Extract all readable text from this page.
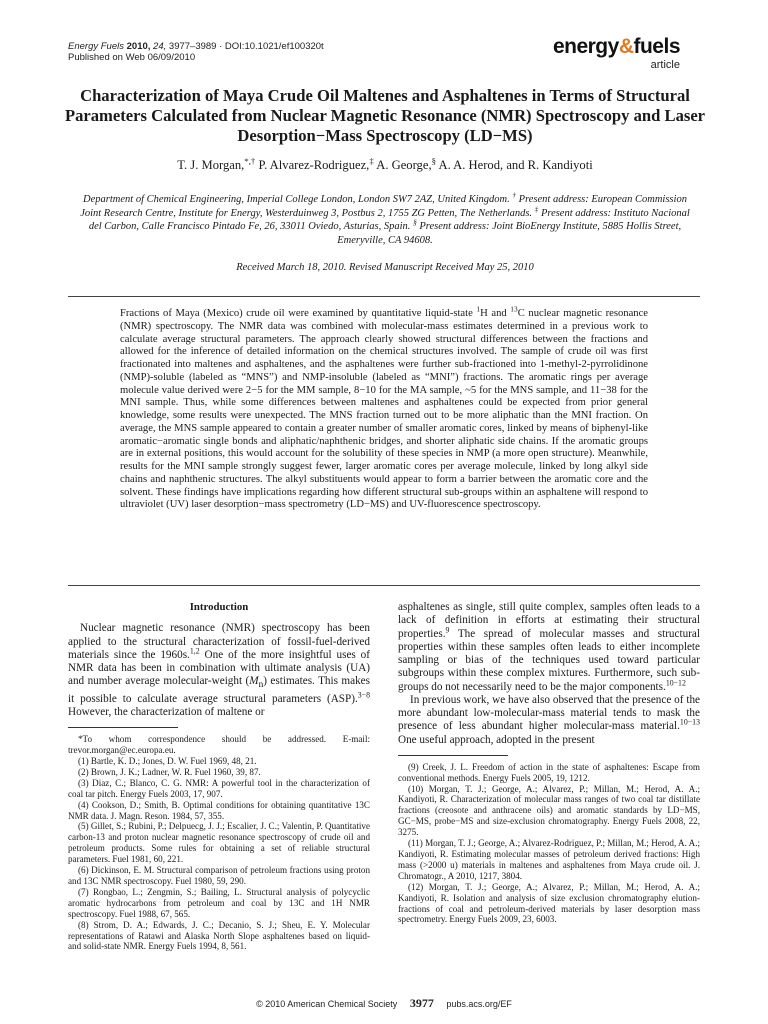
Energy Fuels 2010, 24, 3977–3989 · DOI:10.1021/ef100320t
Published on Web 06/09/2010	energy&fuels
article
Characterization of Maya Crude Oil Maltenes and Asphaltenes in Terms of Structural Parameters Calculated from Nuclear Magnetic Resonance (NMR) Spectroscopy and Laser Desorption−Mass Spectroscopy (LD−MS)
T. J. Morgan,*,† P. Alvarez-Rodriguez,‡ A. George,§ A. A. Herod, and R. Kandiyoti
Department of Chemical Engineering, Imperial College London, London SW7 2AZ, United Kingdom. † Present address: European Commission Joint Research Centre, Institute for Energy, Westerduinweg 3, Postbus 2, 1755 ZG Petten, The Netherlands. ‡ Present address: Instituto Nacional del Carbon, Calle Francisco Pintado Fe, 26, 33011 Oviedo, Asturias, Spain. § Present address: Joint BioEnergy Institute, 5885 Hollis Street, Emeryville, CA 94608.
Received March 18, 2010. Revised Manuscript Received May 25, 2010
Fractions of Maya (Mexico) crude oil were examined by quantitative liquid-state $^1$H and $^{13}$C nuclear magnetic resonance (NMR) spectroscopy. The NMR data was combined with molecular-mass estimates determined in a previous work to calculate average structural parameters. The approach clearly showed structural differences between the fractions and allowed for the inference of detailed information on the chemical structures involved. The sample of crude oil was first fractionated into maltenes and asphaltenes, and the asphaltenes were further sub-fractioned into 1-methyl-2-pyrrolidinone (NMP)-soluble (labeled as “MNS”) and NMP-insoluble (labeled as “MNI”) fractions. The aromatic rings per average molecule value derived were 2−5 for the MM sample, 8−10 for the MA sample, ~5 for the MNS sample, and 11−38 for the MNI sample. Thus, while some differences between maltenes and asphaltenes could be expected from prior general knowledge, some results were unexpected. The MNS fraction turned out to be more aliphatic than the MNI fraction. On average, the MNS sample appeared to contain a greater number of smaller aromatic cores, linked by means of biphenyl-like aromatic−aromatic single bonds and aliphatic/naphthenic bridges, and shorter aliphatic side chains. If the aromatic groups are in external positions, this would account for the solubility of these species in NMP (a more open structure). Meanwhile, results for the MNI sample strongly suggest fewer, larger aromatic cores per average molecule, linked by long alkyl side chains and naphthenic structures. The alkyl substituents would appear to form a barrier between the aromatic core and the solvent. These findings have implications regarding how different structural sub-groups within an asphaltene will respond to ultraviolet (UV) laser desorption−mass spectrometry (LD−MS) and UV-fluorescence spectroscopy.
Introduction
Nuclear magnetic resonance (NMR) spectroscopy has been applied to the structural characterization of fossil-fuel-derived materials since the 1960s.$^{1,2}$ One of the more insightful uses of NMR data has been in combination with ultimate analysis (UA) and number average molecular-weight $(M_n)$ estimates. This makes it possible to calculate average structural parameters (ASP).$^{3-8}$ However, the characterization of maltene or
*To whom correspondence should be addressed. E-mail: trevor.morgan@ec.europa.eu.
(1) Bartle, K. D.; Jones, D. W. Fuel 1969, 48, 21.
(2) Brown, J. K.; Ladner, W. R. Fuel 1960, 39, 87.
(3) Diaz, C.; Blanco, C. G. NMR: A powerful tool in the characterization of coal tar pitch. Energy Fuels 2003, 17, 907.
(4) Cookson, D.; Smith, B. Optimal conditions for obtaining quantitative 13C NMR data. J. Magn. Reson. 1984, 57, 355.
(5) Gillet, S.; Rubini, P.; Delpuecg, J. J.; Escalier, J. C.; Valentin, P. Quantitative carbon-13 and proton nuclear magnetic resonance spectroscopy of crude oil and petroleum products. Some rules for obtaining a set of reliable structural parameters. Fuel 1981, 60, 221.
(6) Dickinson, E. M. Structural comparison of petroleum fractions using proton and 13C NMR spectroscopy. Fuel 1980, 59, 290.
(7) Rongbao, L.; Zengmin, S.; Bailing, L. Structural analysis of polycyclic aromatic hydrocarbons from petroleum and coal by 13C and 1H NMR spectroscopy. Fuel 1988, 67, 565.
(8) Strom, D. A.; Edwards, J. C.; Decanio, S. J.; Sheu, E. Y. Molecular representations of Ratawi and Alaska North Slope asphaltenes based on liquid- and solid-state NMR. Energy Fuels 1994, 8, 561.
asphaltenes as single, still quite complex, samples often leads to a lack of definition in efforts at estimating their structural properties.$^9$ The spread of molecular masses and structural properties within these samples often leads to either incomplete sampling or bias of the techniques used toward particular subgroups within these complex mixtures. Furthermore, such sub-groups do not necessarily need to be the major components.$^{10-12}$
In previous work, we have also observed that the presence of the more abundant low-molecular-mass material tends to mask the presence of less abundant higher molecular-mass material.$^{10-13}$ One useful approach, adopted in the present
(9) Creek, J. L. Freedom of action in the state of asphaltenes: Escape from conventional methods. Energy Fuels 2005, 19, 1212.
(10) Morgan, T. J.; George, A.; Alvarez, P.; Millan, M.; Herod, A. A.; Kandiyoti, R. Characterization of molecular mass ranges of two coal tar distillate fractions (creosote and anthracene oils) and aromatic standards by LD−MS, GC−MS, probe−MS and size-exclusion chromatography. Energy Fuels 2008, 22, 3275.
(11) Morgan, T. J.; George, A.; Alvarez-Rodriguez, P.; Millan, M.; Herod, A. A.; Kandiyoti, R. Estimating molecular masses of petroleum derived fractions: High mass (>2000 u) materials in maltenes and asphaltenes from Maya crude oil. J. Chromatogr., A 2010, 1217, 3804.
(12) Morgan, T. J.; George, A.; Alvarez, P.; Millan, M.; Herod, A. A.; Kandiyoti, R. Isolation and analysis of size exclusion chromatography elution-fractions of coal and petroleum-derived materials by laser desorption mass spectrometry. Energy Fuels 2009, 23, 6003.
© 2010 American Chemical Society 3977 pubs.acs.org/EF
